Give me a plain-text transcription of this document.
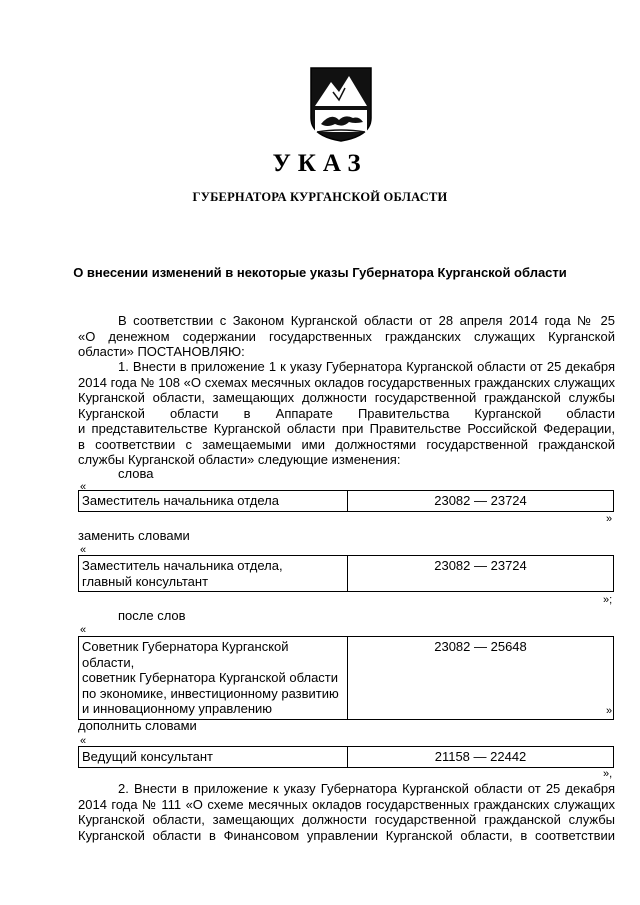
УКАЗ
ГУБЕРНАТОРА КУРГАНСКОЙ ОБЛАСТИ
О внесении изменений в некоторые указы Губернатора Курганской области
В соответствии с Законом Курганской области от 28 апреля 2014 года № 25
«О денежном содержании государственных гражданских служащих Курганской
области» ПОСТАНОВЛЯЮ:
1. Внести в приложение 1 к указу Губернатора Курганской области от 25 декабря
2014 года № 108 «О схемах месячных окладов государственных гражданских служащих
Курганской области, замещающих должности государственной гражданской службы
Курганской области в Аппарате Правительства Курганской области
и представительстве Курганской области при Правительстве Российской Федерации,
в соответствии с замещаемыми ими должностями государственной гражданской
службы Курганской области» следующие изменения:
слова
«
Заместитель начальника отдела	23082 — 23724
»
заменить словами
«
Заместитель начальника отдела,
главный консультант
	23082 — 23724
»;
после слов
«
Советник Губернатора Курганской области,
советник Губернатора Курганской области
по экономике, инвестиционному развитию
и инновационному управлению
	23082 — 25648
»
дополнить словами
«
Ведущий консультант	21158 — 22442
»,
2. Внести в приложение к указу Губернатора Курганской области от 25 декабря
2014 года № 111 «О схеме месячных окладов государственных гражданских служащих
Курганской области, замещающих должности государственной гражданской службы
Курганской области в Финансовом управлении Курганской области, в соответствии
